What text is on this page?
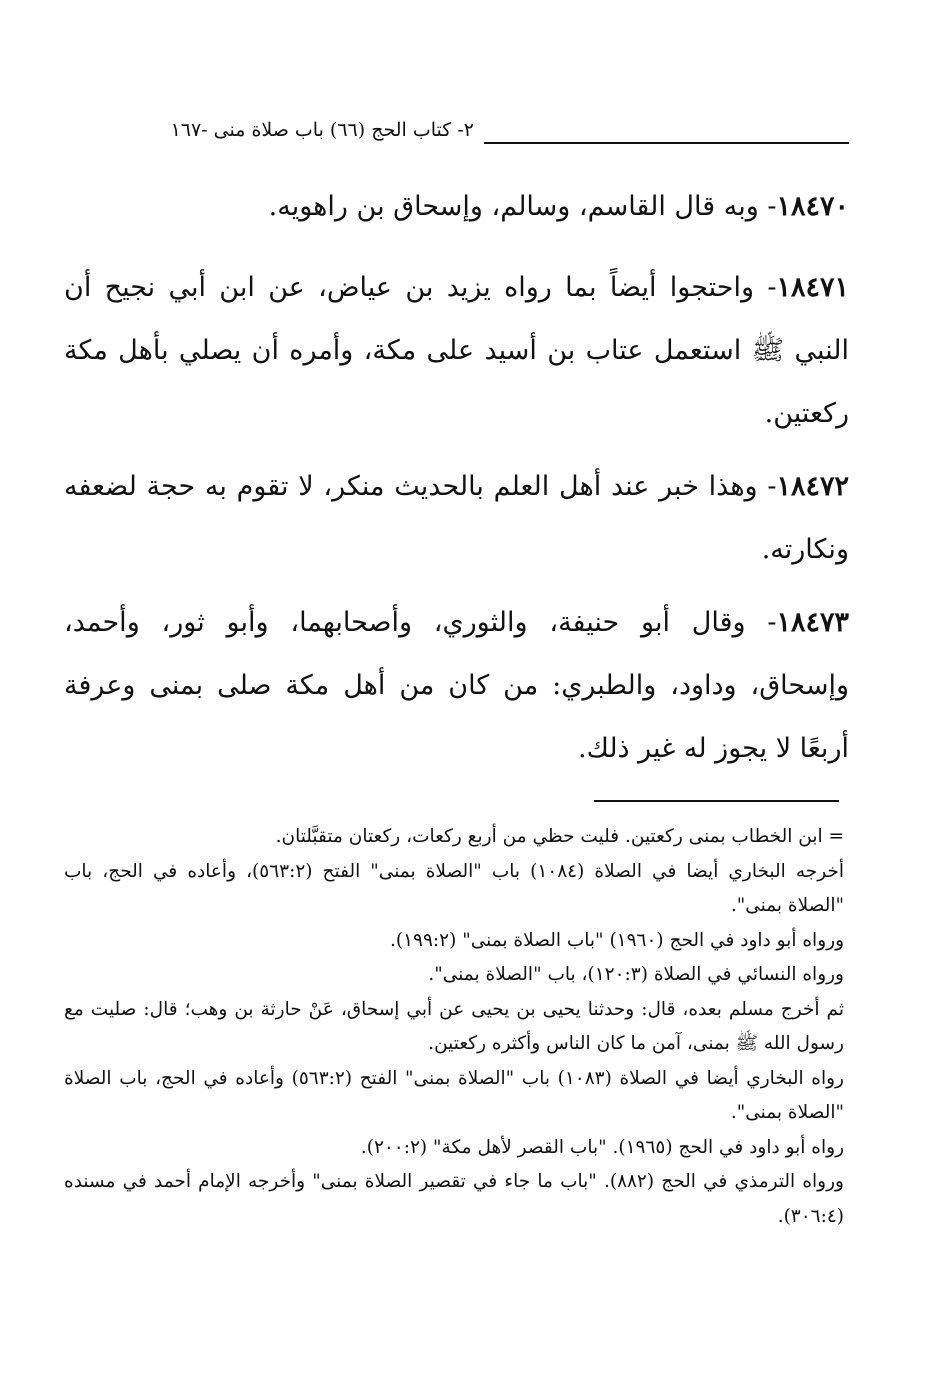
٢- كتاب الحج (٦٦) باب صلاة منى -١٦٧

١٨٤٧٠- وبه قال القاسم، وسالم، وإسحاق بن راهويه.

١٨٤٧١- واحتجوا أيضاً بما رواه يزيد بن عياض، عن ابن أبي نجيح أن النبي ﷺ استعمل عتاب بن أسيد على مكة، وأمره أن يصلي بأهل مكة ركعتين.

١٨٤٧٢- وهذا خبر عند أهل العلم بالحديث منكر، لا تقوم به حجة لضعفه ونكارته.

١٨٤٧٣- وقال أبو حنيفة، والثوري، وأصحابهما، وأبو ثور، وأحمد، وإسحاق، وداود، والطبري: من كان من أهل مكة صلى بمنى وعرفة أربعًا لا يجوز له غير ذلك.

= ابن الخطاب بمنى ركعتين. فليت حظي من أربع ركعات، ركعتان متقبَّلتان.

أخرجه البخاري أيضا في الصلاة (١٠٨٤) باب "الصلاة بمنى" الفتح (٥٦٣:٢)، وأعاده في الحج، باب "الصلاة بمنى".

ورواه أبو داود في الحج (١٩٦٠) "باب الصلاة بمنى" (١٩٩:٢).

ورواه النسائي في الصلاة (١٢٠:٣)، باب "الصلاة بمنى".

ثم أخرج مسلم بعده، قال: وحدثنا يحيى بن يحيى عن أبي إسحاق، عَنْ حارثة بن وهب؛ قال: صليت مع رسول الله ﷺ بمنى، آمن ما كان الناس وأكثره ركعتين.

رواه البخاري أيضا في الصلاة (١٠٨٣) باب "الصلاة بمنى" الفتح (٥٦٣:٢) وأعاده في الحج، باب الصلاة "الصلاة بمنى".

رواه أبو داود في الحج (١٩٦٥). "باب القصر لأهل مكة" (٢٠٠:٢).

ورواه الترمذي في الحج (٨٨٢). "باب ما جاء في تقصير الصلاة بمنى" وأخرجه الإمام أحمد في مسنده (٣٠٦:٤).
